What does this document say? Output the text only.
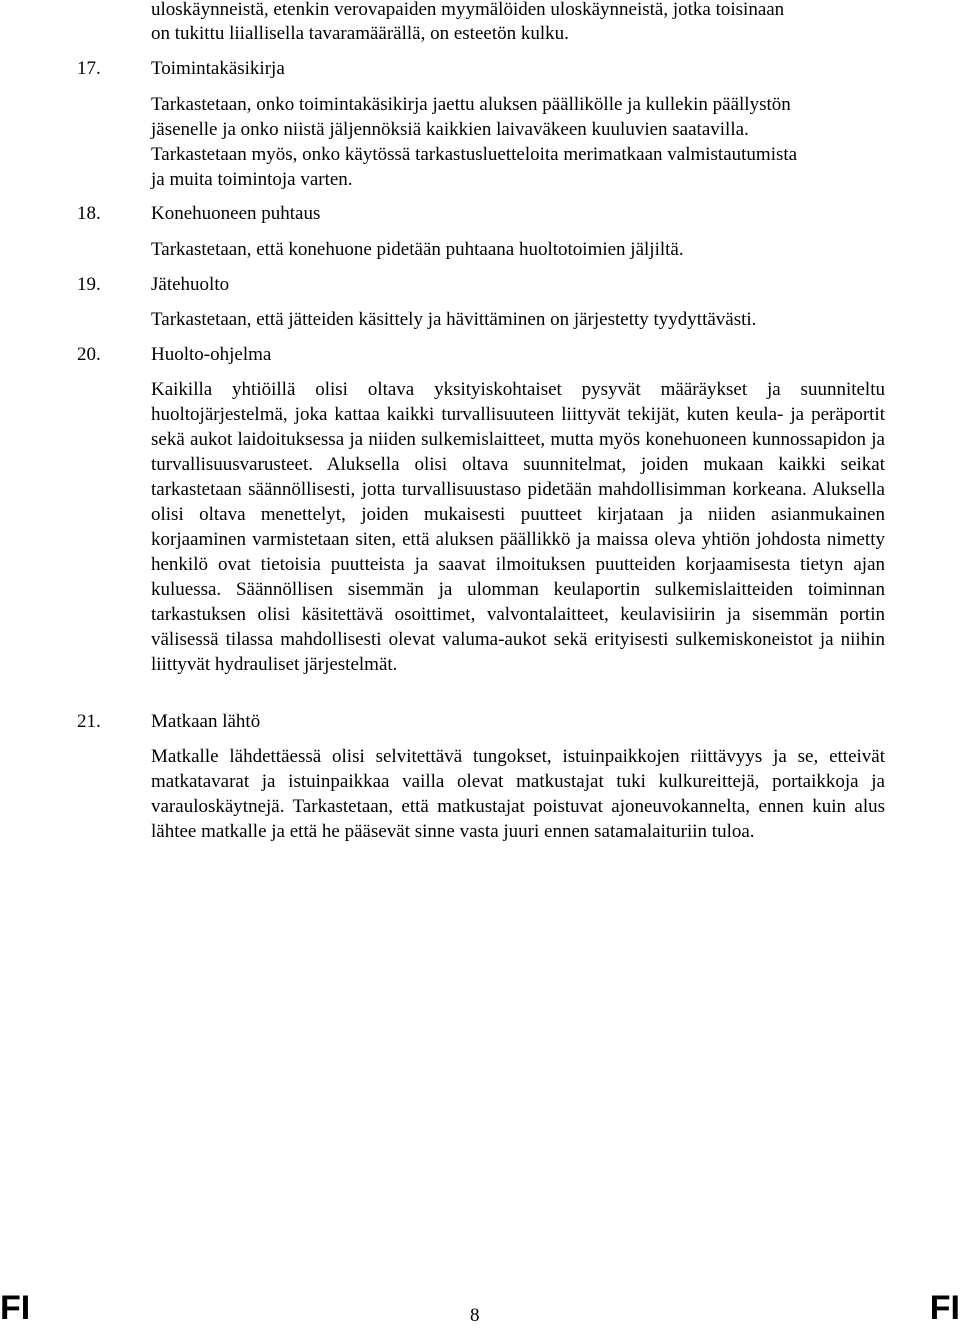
uloskäynneistä, etenkin verovapaiden myymälöiden uloskäynneistä, jotka toisinaan
on tukittu liiallisella tavaramäärällä, on esteetön kulku.
17.	Toimintakäsikirja
Tarkastetaan, onko toimintakäsikirja jaettu aluksen päällikölle ja kullekin päällystön
jäsenelle ja onko niistä jäljennöksiä kaikkien laivaväkeen kuuluvien saatavilla.
Tarkastetaan myös, onko käytössä tarkastusluetteloita merimatkaan valmistautumista
ja muita toimintoja varten.
18.	Konehuoneen puhtaus
Tarkastetaan, että konehuone pidetään puhtaana huoltotoimien jäljiltä.
19.	Jätehuolto
Tarkastetaan, että jätteiden käsittely ja hävittäminen on järjestetty tyydyttävästi.
20.	Huolto-ohjelma
Kaikilla yhtiöillä olisi oltava yksityiskohtaiset pysyvät määräykset ja suunniteltu huoltojärjestelmä, joka kattaa kaikki turvallisuuteen liittyvät tekijät, kuten keula- ja peräportit sekä aukot laidoituksessa ja niiden sulkemislaitteet, mutta myös konehuoneen kunnossapidon ja turvallisuusvarusteet. Aluksella olisi oltava suunnitelmat, joiden mukaan kaikki seikat tarkastetaan säännöllisesti, jotta turvallisuustaso pidetään mahdollisimman korkeana. Aluksella olisi oltava menettelyt, joiden mukaisesti puutteet kirjataan ja niiden asianmukainen korjaaminen varmistetaan siten, että aluksen päällikkö ja maissa oleva yhtiön johdosta nimetty henkilö ovat tietoisia puutteista ja saavat ilmoituksen puutteiden korjaamisesta tietyn ajan kuluessa. Säännöllisen sisemmän ja ulomman keulaportin sulkemislaitteiden toiminnan tarkastuksen olisi käsitettävä osoittimet, valvontalaitteet, keulavisiirin ja sisemmän portin välisessä tilassa mahdollisesti olevat valuma-aukot sekä erityisesti sulkemiskoneistot ja niihin liittyvät hydrauliset järjestelmät.
21.	Matkaan lähtö
Matkalle lähdettäessä olisi selvitettävä tungokset, istuinpaikkojen riittävyys ja se, etteivät matkatavarat ja istuinpaikkaa vailla olevat matkustajat tuki kulkureittejä, portaikkoja ja varauloskäytnejä. Tarkastetaan, että matkustajat poistuvat ajoneuvokannelta, ennen kuin alus lähtee matkalle ja että he pääsevät sinne vasta juuri ennen satamalaituriin tuloa.
FI	8	FI
